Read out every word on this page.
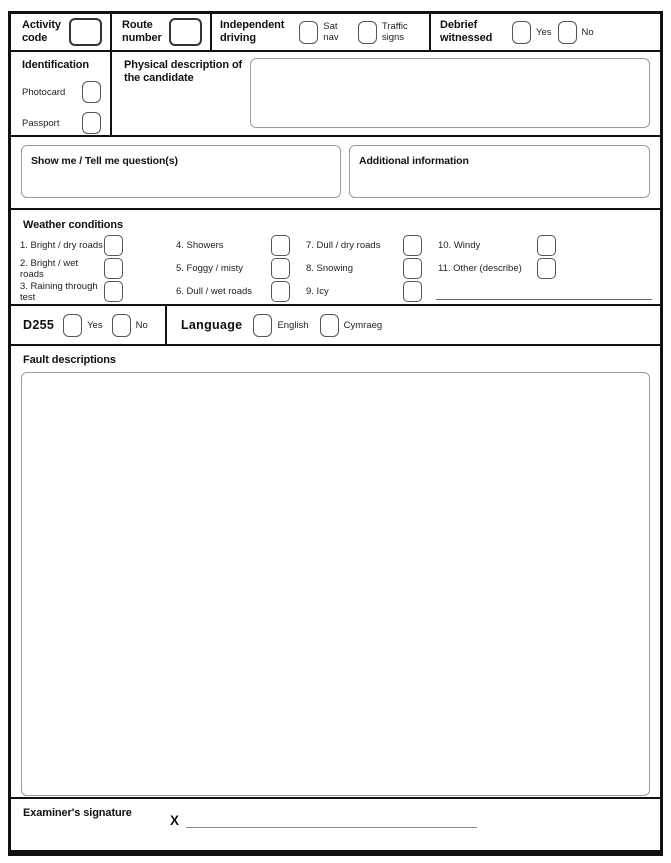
Activity code
Route number
Independent driving
Sat nav
Traffic signs
Debrief witnessed	Yes	No
Identification
Photocard
Passport
Physical description of the candidate
Show me / Tell me question(s)	Additional information
Weather conditions
1. Bright / dry roads
2. Bright / wet roads
3. Raining through test
4. Showers
5. Foggy / misty
6. Dull / wet roads
7. Dull / dry roads
8. Snowing
9. Icy
10. Windy
11. Other (describe)
D255	Yes	No	Language	English	Cymraeg
Fault descriptions
Examiner's signature	X
